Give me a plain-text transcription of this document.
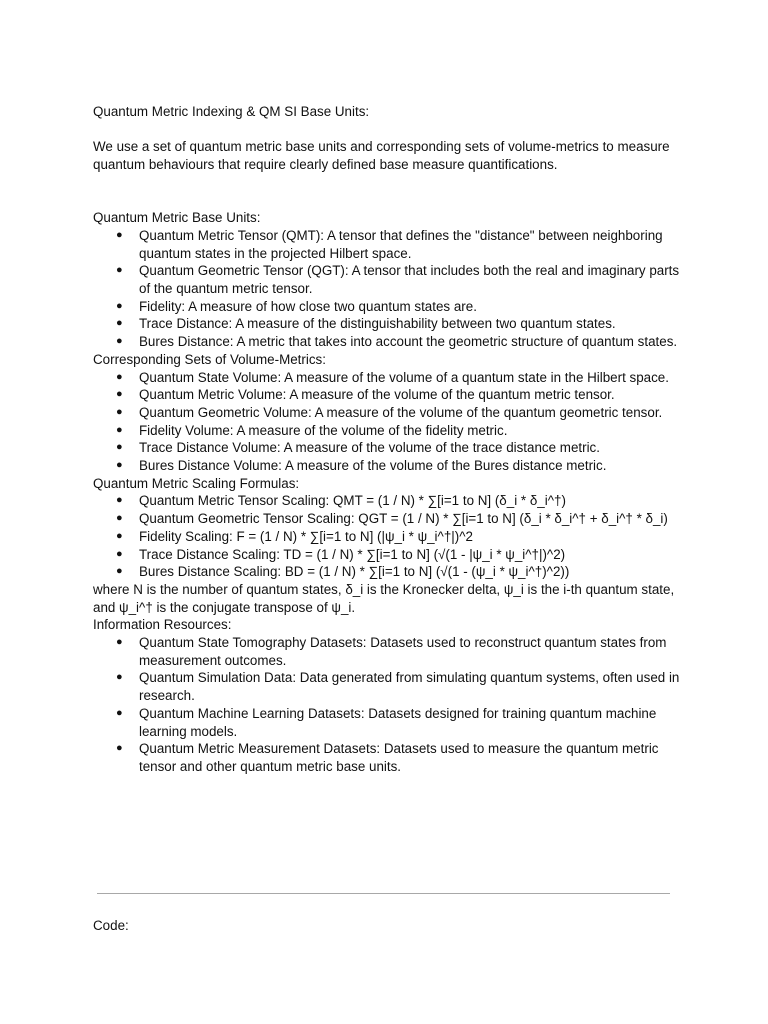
Quantum Metric Indexing & QM SI Base Units:

We use a set of quantum metric base units and corresponding sets of volume-metrics to measure quantum behaviours that require clearly defined base measure quantifications.

Quantum Metric Base Units:

● Quantum Metric Tensor (QMT): A tensor that defines the "distance" between neighboring quantum states in the projected Hilbert space.
● Quantum Geometric Tensor (QGT): A tensor that includes both the real and imaginary parts of the quantum metric tensor.
● Fidelity: A measure of how close two quantum states are.
● Trace Distance: A measure of the distinguishability between two quantum states.
● Bures Distance: A metric that takes into account the geometric structure of quantum states.

Corresponding Sets of Volume-Metrics:

● Quantum State Volume: A measure of the volume of a quantum state in the Hilbert space.
● Quantum Metric Volume: A measure of the volume of the quantum metric tensor.
● Quantum Geometric Volume: A measure of the volume of the quantum geometric tensor.
● Fidelity Volume: A measure of the volume of the fidelity metric.
● Trace Distance Volume: A measure of the volume of the trace distance metric.
● Bures Distance Volume: A measure of the volume of the Bures distance metric.

Quantum Metric Scaling Formulas:

● Quantum Metric Tensor Scaling: QMT = (1 / N) * ∑[i=1 to N] (δ_i * δ_i^†)
● Quantum Geometric Tensor Scaling: QGT = (1 / N) * ∑[i=1 to N] (δ_i * δ_i^† + δ_i^† * δ_i)
● Fidelity Scaling: F = (1 / N) * ∑[i=1 to N] (|ψ_i * ψ_i^†|)^2
● Trace Distance Scaling: TD = (1 / N) * ∑[i=1 to N] (√(1 - |ψ_i * ψ_i^†|)^2)
● Bures Distance Scaling: BD = (1 / N) * ∑[i=1 to N] (√(1 - (ψ_i * ψ_i^†)^2))

where N is the number of quantum states, δ_i is the Kronecker delta, ψ_i is the i-th quantum state, and ψ_i^† is the conjugate transpose of ψ_i.

Information Resources:

● Quantum State Tomography Datasets: Datasets used to reconstruct quantum states from measurement outcomes.
● Quantum Simulation Data: Data generated from simulating quantum systems, often used in research.
● Quantum Machine Learning Datasets: Datasets designed for training quantum machine learning models.
● Quantum Metric Measurement Datasets: Datasets used to measure the quantum metric tensor and other quantum metric base units.
Code:
